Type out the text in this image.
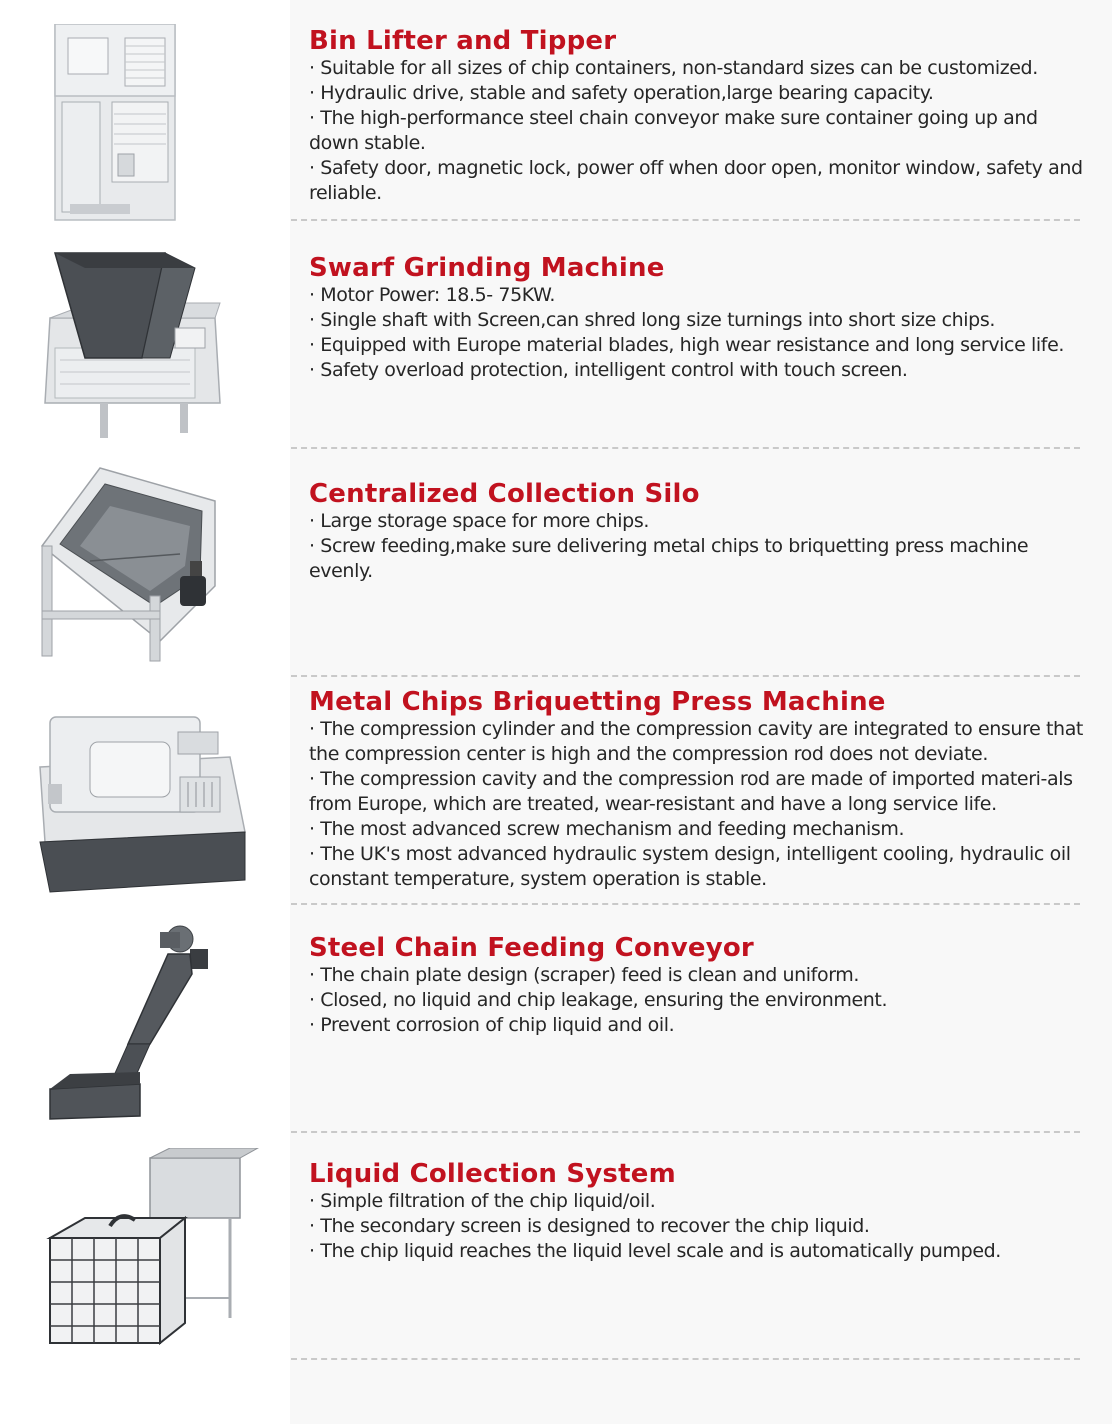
Bin Lifter and Tipper

· Suitable for all sizes of chip containers, non-standard sizes can be customized.

· Hydraulic drive, stable and safety operation,large bearing capacity.

· The high-performance steel chain conveyor make sure container going up and down stable.

· Safety door, magnetic lock, power off when door open, monitor window, safety and reliable.

Swarf Grinding Machine

· Motor Power: 18.5- 75KW.

· Single shaft with Screen,can shred long size turnings into short size chips.

· Equipped with Europe material blades, high wear resistance and long service life.

· Safety overload protection, intelligent control with touch screen.

Centralized Collection Silo

· Large storage space for more chips.

· Screw feeding,make sure delivering metal chips to briquetting press machine evenly.

Metal Chips Briquetting Press Machine

· The compression cylinder and the compression cavity are integrated to ensure that the compression center is high and the compression rod does not deviate.

· The compression cavity and the compression rod are made of imported materi-als from Europe, which are treated, wear-resistant and have a long service life.

· The most advanced screw mechanism and feeding mechanism.

· The UK's most advanced hydraulic system design, intelligent cooling, hydraulic oil constant temperature, system operation is stable.

Steel Chain Feeding Conveyor

· The chain plate design (scraper) feed is clean and uniform.

· Closed, no liquid and chip leakage, ensuring the environment.

· Prevent corrosion of chip liquid and oil.

Liquid Collection System

· Simple filtration of the chip liquid/oil.

· The secondary screen is designed to recover the chip liquid.

· The chip liquid reaches the liquid level scale and is automatically pumped.
